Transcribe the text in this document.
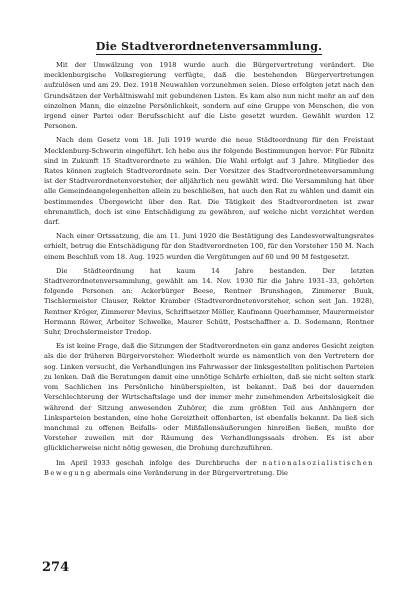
Die Stadtverordnetenversammlung.

Mit der Umwälzung von 1918 wurde auch die Bürgervertretung verändert. Die mecklenburgische Volksregierung verfügte, daß die bestehenden Bürgervertretungen aufzulösen und am 29. Dez. 1918 Neuwahlen vorzunehmen seien. Diese erfolgten jetzt nach den Grundsätzen der Verhältniswahl mit gebundenen Listen. Es kam also nun nicht mehr an auf den einzelnen Mann, die einzelne Persönlichkeit, sondern auf eine Gruppe von Menschen, die von irgend einer Partei oder Berufsschicht auf die Liste gesetzt wurden. Gewählt wurden 12 Personen.

Nach dem Gesetz vom 18. Juli 1919 wurde die neue Städteordnung für den Freistaat Mecklenburg-Schwerin eingeführt. Ich hebe aus ihr folgende Bestimmungen hervor: Für Ribnitz sind in Zukunft 15 Stadtverordnete zu wählen. Die Wahl erfolgt auf 3 Jahre. Mitglieder des Rates können zugleich Stadtverordnete sein. Der Vorsitzer des Stadtverordnetenversammlung ist der Stadtverordnetenvorsteher, der alljährlich neu gewählt wird. Die Versammlung hat über alle Gemeindeangelegenheiten allein zu beschließen, hat auch den Rat zu wählen und damit ein bestimmendes Übergewicht über den Rat. Die Tätigkeit des Stadtverordneten ist zwar ehrenamtlich, doch ist eine Entschädigung zu gewähren, auf welche nicht verzichtet werden darf.

Nach einer Ortssatzung, die am 11. Juni 1920 die Bestätigung des Landesverwaltungsrates erhielt, betrug die Entschädigung für den Stadtverordneten 100, für den Vorsteher 150 M. Nach einem Beschluß vom 18. Aug. 1925 wurden die Vergütungen auf 60 und 90 M festgesetzt.

Die Städteordnung hat kaum 14 Jahre bestanden. Der letzten Stadtverordnetenversammlung, gewählt am 14. Nov. 1930 für die Jahre 1931–33, gehörten folgende Personen an: Ackerbürger Beese, Rentner Brunshagen, Zimmerer Buuk, Tischlermeister Clauser, Rektor Kramber (Stadtverordnetenvorsteher, schon seit Jan. 1928), Rentner Kröger, Zimmerer Mevius, Schriftsetzer Möller, Kaufmann Querhammer, Maurermeister Hermann Röwer, Arbeiter Schwelke, Maurer Schütt, Postschaffner a. D. Sodemann, Rentner Suhr, Drechslermeister Tredop.

Es ist keine Frage, daß die Sitzungen der Stadtverordneten ein ganz anderes Gesicht zeigten als die der früheren Bürgervorsteher. Wiederholt wurde es namentlich von den Vertretern der sog. Linken versucht, die Verhandlungen ins Fahrwasser der linksgestellten politischen Parteien zu lenken. Daß die Beratungen damit eine unnötige Schärfe erhielten, daß sie nicht selten stark vom Sachlichen ins Persönliche hinüberspielten, ist bekannt. Daß bei der dauernden Verschlechterung der Wirtschaftslage und der immer mehr zunehmenden Arbeitslosigkeit die während der Sitzung anwesenden Zuhörer, die zum größten Teil aus Anhängern der Linksparteien bestanden, eine hohe Gereiztheit offenbarten, ist ebenfalls bekannt. Da ließ sich manchmal zu offenen Beifalls- oder Mißfallensäußerungen hinreißen ließen, mußte der Vorsteher zuweilen mit der Räumung des Verhandlungssaals drohen. Es ist aber glücklicherweise nicht nötig gewesen, die Drohung durchzuführen.

Im April 1933 geschah infolge des Durchbruchs der nationalsozialistischen Bewegung abermals eine Veränderung in der Bürgervertretung. Die

274
